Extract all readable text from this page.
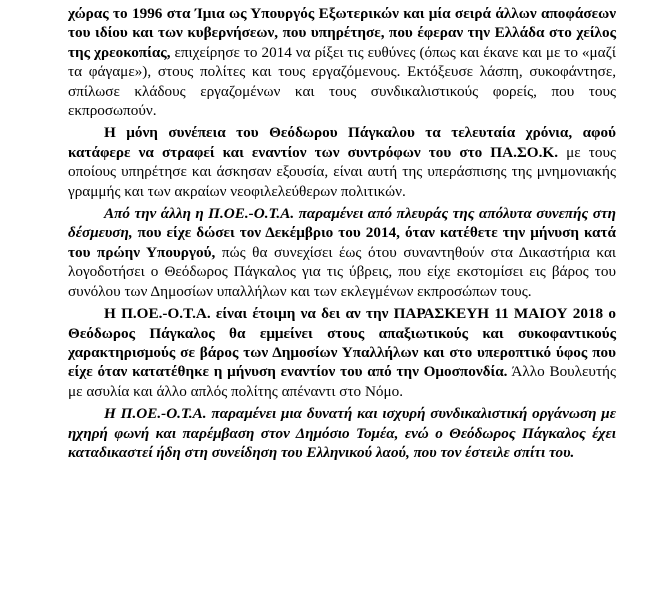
χώρας το 1996 στα Ίμια ως Υπουργός Εξωτερικών και μία σειρά άλλων αποφάσεων του ιδίου και των κυβερνήσεων, που υπηρέτησε, που έφεραν την Ελλάδα στο χείλος της χρεοκοπίας, επιχείρησε το 2014 να ρίξει τις ευθύνες (όπως και έκανε και με το «μαζί τα φάγαμε»), στους πολίτες και τους εργαζόμενους. Εκτόξευσε λάσπη, συκοφάντησε, σπίλωσε κλάδους εργαζομένων και τους συνδικαλιστικούς φορείς, που τους εκπροσωπούν.

Η μόνη συνέπεια του Θεόδωρου Πάγκαλου τα τελευταία χρόνια, αφού κατάφερε να στραφεί και εναντίον των συντρόφων του στο ΠΑ.ΣΟ.Κ. με τους οποίους υπηρέτησε και άσκησαν εξουσία, είναι αυτή της υπεράσπισης της μνημονιακής γραμμής και των ακραίων νεοφιλελεύθερων πολιτικών.

Από την άλλη η Π.ΟΕ.-Ο.Τ.Α. παραμένει από πλευράς της απόλυτα συνεπής στη δέσμευση, που είχε δώσει τον Δεκέμβριο του 2014, όταν κατέθετε την μήνυση κατά του πρώην Υπουργού, πώς θα συνεχίσει έως ότου συναντηθούν στα Δικαστήρια και λογοδοτήσει ο Θεόδωρος Πάγκαλος για τις ύβρεις, που είχε εκστομίσει εις βάρος του συνόλου των Δημοσίων υπαλλήλων και των εκλεγμένων εκπροσώπων τους.

Η Π.ΟΕ.-Ο.Τ.Α. είναι έτοιμη να δει αν την ΠΑΡΑΣΚΕΥΗ 11 ΜΑΙΟΥ 2018 ο Θεόδωρος Πάγκαλος θα εμμείνει στους απαξιωτικούς και συκοφαντικούς χαρακτηρισμούς σε βάρος των Δημοσίων Υπαλλήλων και στο υπεροπτικό ύφος που είχε όταν κατατέθηκε η μήνυση εναντίον του από την Ομοσπονδία. Άλλο Βουλευτής με ασυλία και άλλο απλός πολίτης απέναντι στο Νόμο.

Η Π.ΟΕ.-Ο.Τ.Α. παραμένει μια δυνατή και ισχυρή συνδικαλιστική οργάνωση με ηχηρή φωνή και παρέμβαση στον Δημόσιο Τομέα, ενώ ο Θεόδωρος Πάγκαλος έχει καταδικαστεί ήδη στη συνείδηση του Ελληνικού λαού, που τον έστειλε σπίτι του.
